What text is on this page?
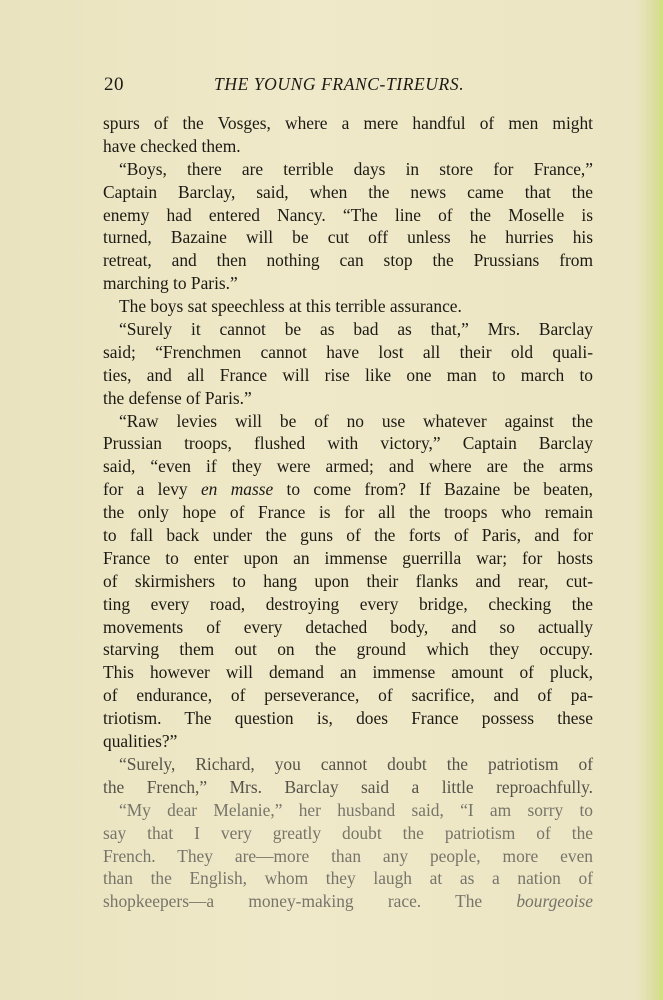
20	THE YOUNG FRANC-TIREURS.
spurs of the Vosges, where a mere handful of men might
have checked them.
“Boys, there are terrible days in store for France,”
Captain Barclay, said, when the news came that the
enemy had entered Nancy. “The line of the Moselle is
turned, Bazaine will be cut off unless he hurries his
retreat, and then nothing can stop the Prussians from
marching to Paris.”
The boys sat speechless at this terrible assurance.
“Surely it cannot be as bad as that,” Mrs. Barclay
said; “Frenchmen cannot have lost all their old quali-
ties, and all France will rise like one man to march to
the defense of Paris.”
“Raw levies will be of no use whatever against the
Prussian troops, flushed with victory,” Captain Barclay
said, “even if they were armed; and where are the arms
for a levy en masse to come from? If Bazaine be beaten,
the only hope of France is for all the troops who remain
to fall back under the guns of the forts of Paris, and for
France to enter upon an immense guerrilla war; for hosts
of skirmishers to hang upon their flanks and rear, cut-
ting every road, destroying every bridge, checking the
movements of every detached body, and so actually
starving them out on the ground which they occupy.
This however will demand an immense amount of pluck,
of endurance, of perseverance, of sacrifice, and of pa-
triotism. The question is, does France possess these
qualities?”
“Surely, Richard, you cannot doubt the patriotism of
the French,” Mrs. Barclay said a little reproachfully.
“My dear Melanie,” her husband said, “I am sorry to
say that I very greatly doubt the patriotism of the
French. They are—more than any people, more even
than the English, whom they laugh at as a nation of
shopkeepers—a money-making race. The bourgeoise
